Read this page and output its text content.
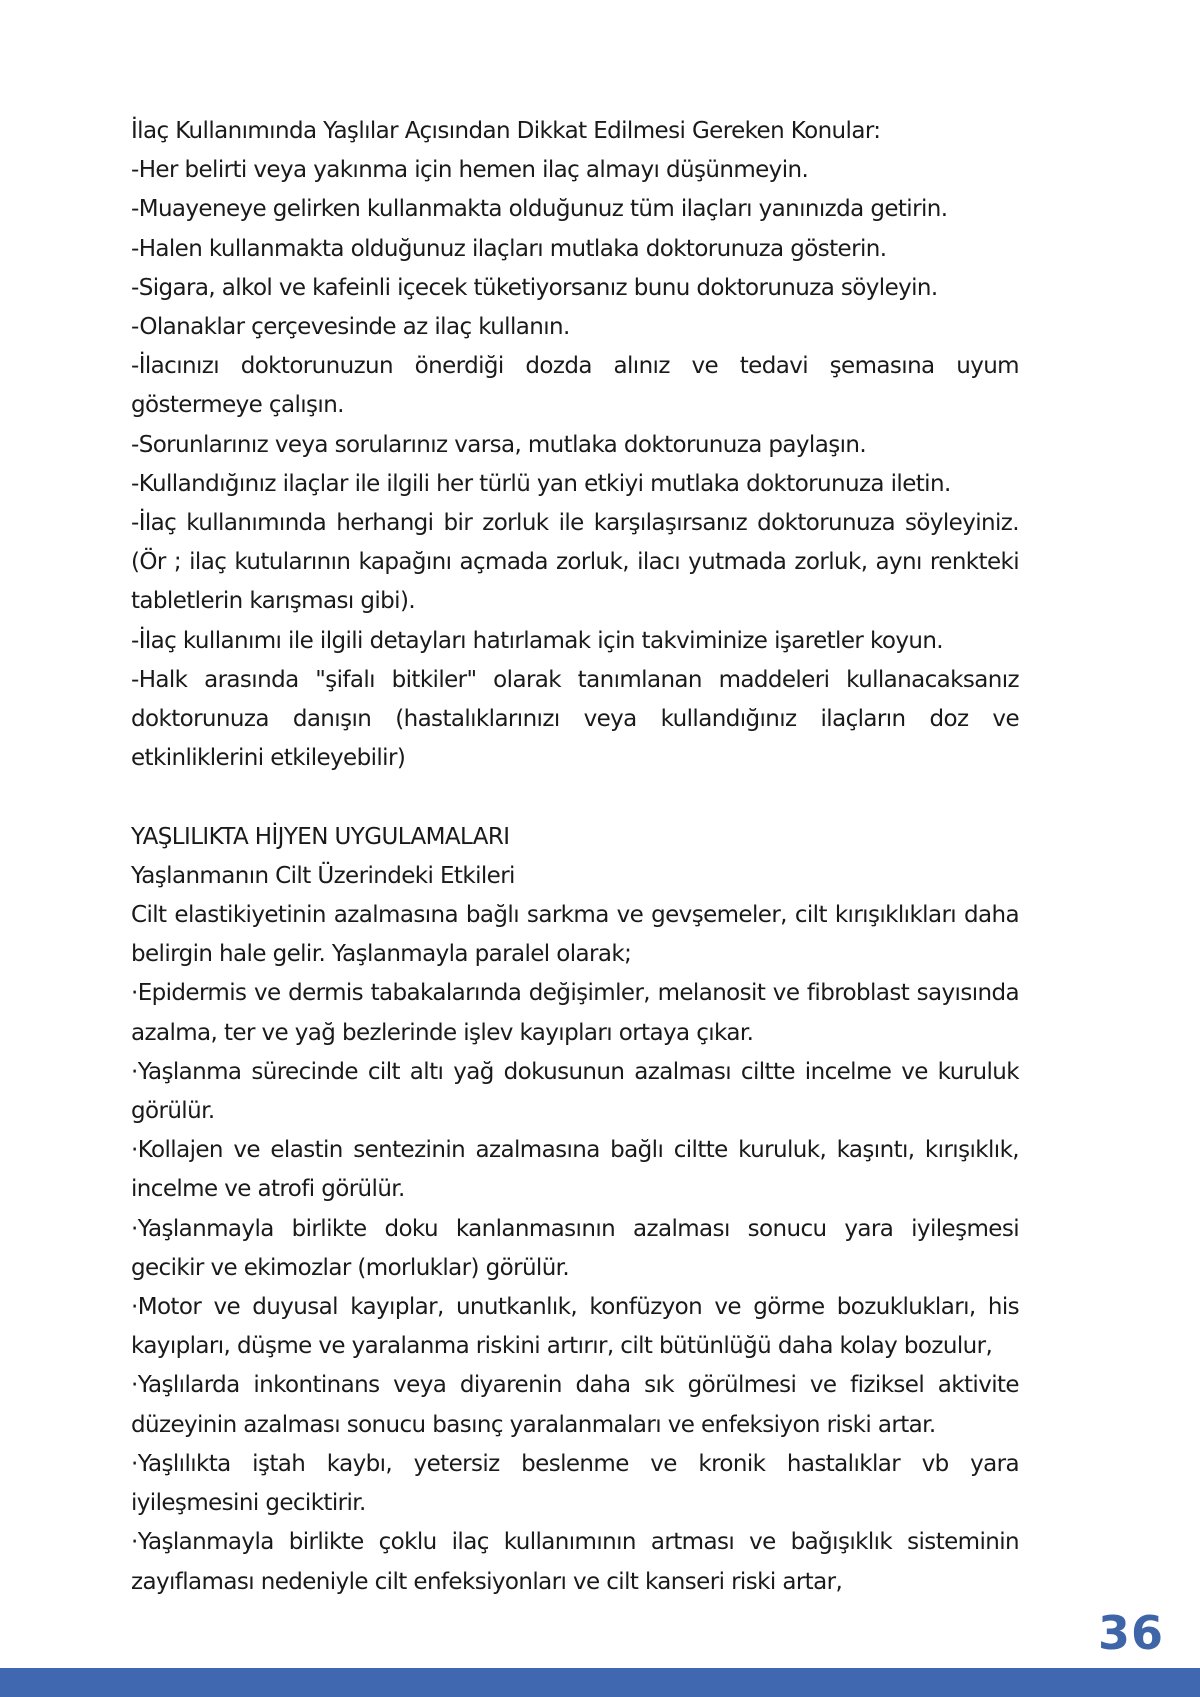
İlaç Kullanımında Yaşlılar Açısından Dikkat Edilmesi Gereken Konular:

-Her belirti veya yakınma için hemen ilaç almayı düşünmeyin.

-Muayeneye gelirken kullanmakta olduğunuz tüm ilaçları yanınızda getirin.

-Halen kullanmakta olduğunuz ilaçları mutlaka doktorunuza gösterin.

-Sigara, alkol ve kafeinli içecek tüketiyorsanız bunu doktorunuza söyleyin.

-Olanaklar çerçevesinde az ilaç kullanın.

-İlacınızı doktorunuzun önerdiği dozda alınız ve tedavi şemasına uyum göstermeye çalışın.

-Sorunlarınız veya sorularınız varsa, mutlaka doktorunuza paylaşın.

-Kullandığınız ilaçlar ile ilgili her türlü yan etkiyi mutlaka doktorunuza iletin.

-İlaç kullanımında herhangi bir zorluk ile karşılaşırsanız doktorunuza söyleyiniz. (Ör ; ilaç kutularının kapağını açmada zorluk, ilacı yutmada zorluk, aynı renkteki tabletlerin karışması gibi).

-İlaç kullanımı ile ilgili detayları hatırlamak için takviminize işaretler koyun.

-Halk arasında "şifalı bitkiler" olarak tanımlanan maddeleri kullanacaksanız doktorunuza danışın (hastalıklarınızı veya kullandığınız ilaçların doz ve etkinliklerini etkileyebilir)

YAŞLILIKTA HİJYEN UYGULAMALARI

Yaşlanmanın Cilt Üzerindeki Etkileri

Cilt elastikiyetinin azalmasına bağlı sarkma ve gevşemeler, cilt kırışıklıkları daha belirgin hale gelir. Yaşlanmayla paralel olarak;

·Epidermis ve dermis tabakalarında değişimler, melanosit ve fibroblast sayısında azalma, ter ve yağ bezlerinde işlev kayıpları ortaya çıkar.

·Yaşlanma sürecinde cilt altı yağ dokusunun azalması ciltte incelme ve kuruluk görülür.

·Kollajen ve elastin sentezinin azalmasına bağlı ciltte kuruluk, kaşıntı, kırışıklık, incelme ve atrofi görülür.

·Yaşlanmayla birlikte doku kanlanmasının azalması sonucu yara iyileşmesi gecikir ve ekimozlar (morluklar) görülür.

·Motor ve duyusal kayıplar, unutkanlık, konfüzyon ve görme bozuklukları, his kayıpları, düşme ve yaralanma riskini artırır, cilt bütünlüğü daha kolay bozulur,

·Yaşlılarda inkontinans veya diyarenin daha sık görülmesi ve fiziksel aktivite düzeyinin azalması sonucu basınç yaralanmaları ve enfeksiyon riski artar.

·Yaşlılıkta iştah kaybı, yetersiz beslenme ve kronik hastalıklar vb yara iyileşmesini geciktirir.

·Yaşlanmayla birlikte çoklu ilaç kullanımının artması ve bağışıklık sisteminin zayıflaması nedeniyle cilt enfeksiyonları ve cilt kanseri riski artar,

36
